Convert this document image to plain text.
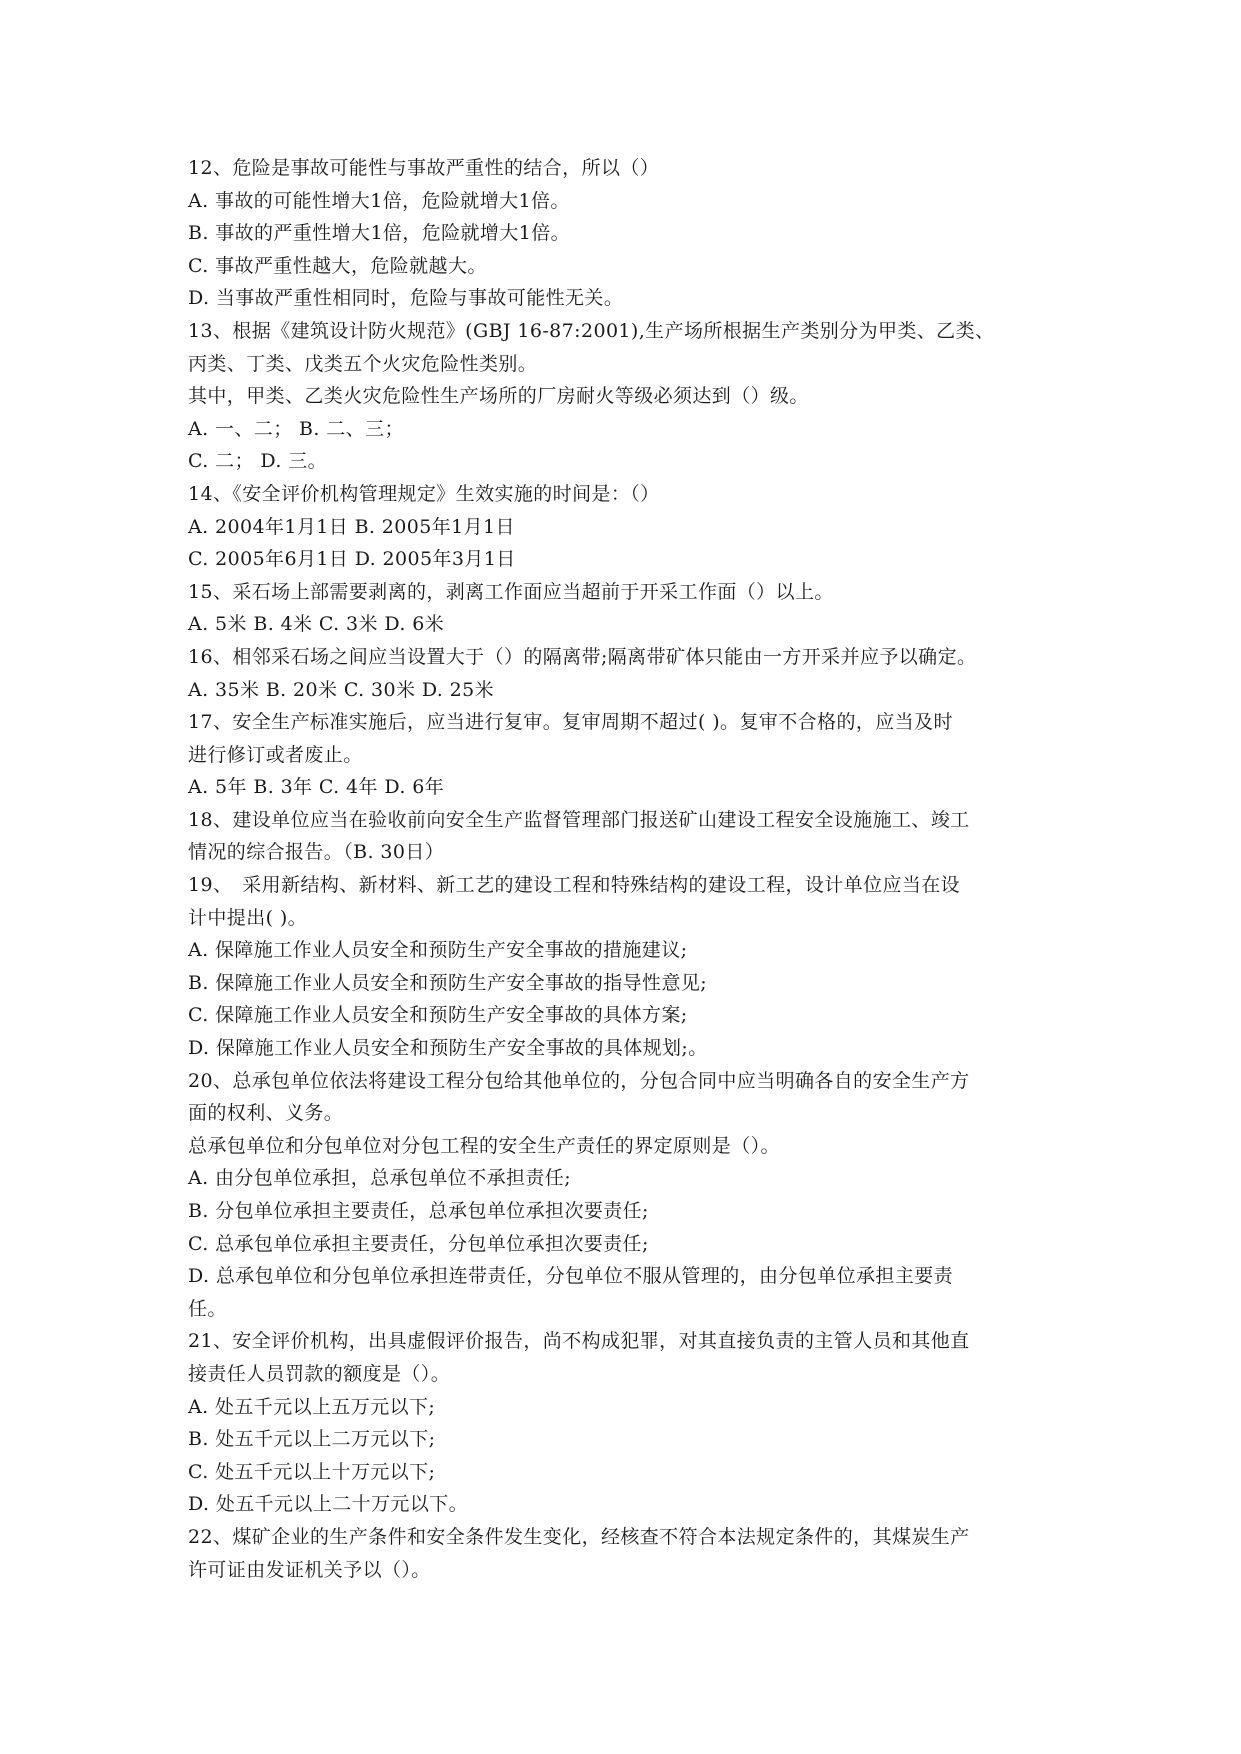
12、危险是事故可能性与事故严重性的结合，所以（）
A. 事故的可能性增大1倍，危险就增大1倍。
B. 事故的严重性增大1倍，危险就增大1倍。
C. 事故严重性越大，危险就越大。
D. 当事故严重性相同时，危险与事故可能性无关。
13、根据《建筑设计防火规范》(GBJ 16-87:2001),生产场所根据生产类别分为甲类、乙类、
丙类、丁类、戊类五个火灾危险性类别。
其中，甲类、乙类火灾危险性生产场所的厂房耐火等级必须达到（）级。
A. 一、二； B. 二、三；
C. 二； D. 三。
14、《安全评价机构管理规定》生效实施的时间是：（）
A. 2004年1月1日 B. 2005年1月1日
C. 2005年6月1日 D. 2005年3月1日
15、采石场上部需要剥离的，剥离工作面应当超前于开采工作面（）以上。
A. 5米 B. 4米 C. 3米 D. 6米
16、相邻采石场之间应当设置大于（）的隔离带;隔离带矿体只能由一方开采并应予以确定。
A. 35米 B. 20米 C. 30米 D. 25米
17、安全生产标准实施后，应当进行复审。复审周期不超过( )。复审不合格的，应当及时
进行修订或者废止。
A. 5年 B. 3年 C. 4年 D. 6年
18、建设单位应当在验收前向安全生产监督管理部门报送矿山建设工程安全设施施工、竣工
情况的综合报告。（B. 30日）
19、　采用新结构、新材料、新工艺的建设工程和特殊结构的建设工程，设计单位应当在设
计中提出( )。
A. 保障施工作业人员安全和预防生产安全事故的措施建议;
B. 保障施工作业人员安全和预防生产安全事故的指导性意见;
C. 保障施工作业人员安全和预防生产安全事故的具体方案;
D. 保障施工作业人员安全和预防生产安全事故的具体规划;。
20、总承包单位依法将建设工程分包给其他单位的，分包合同中应当明确各自的安全生产方
面的权利、义务。
总承包单位和分包单位对分包工程的安全生产责任的界定原则是（）。
A. 由分包单位承担，总承包单位不承担责任;
B. 分包单位承担主要责任，总承包单位承担次要责任;
C. 总承包单位承担主要责任，分包单位承担次要责任;
D. 总承包单位和分包单位承担连带责任，分包单位不服从管理的，由分包单位承担主要责
任。
21、安全评价机构，出具虚假评价报告，尚不构成犯罪，对其直接负责的主管人员和其他直
接责任人员罚款的额度是（）。
A. 处五千元以上五万元以下;
B. 处五千元以上二万元以下;
C. 处五千元以上十万元以下;
D. 处五千元以上二十万元以下。
22、煤矿企业的生产条件和安全条件发生变化，经核查不符合本法规定条件的，其煤炭生产
许可证由发证机关予以（）。
